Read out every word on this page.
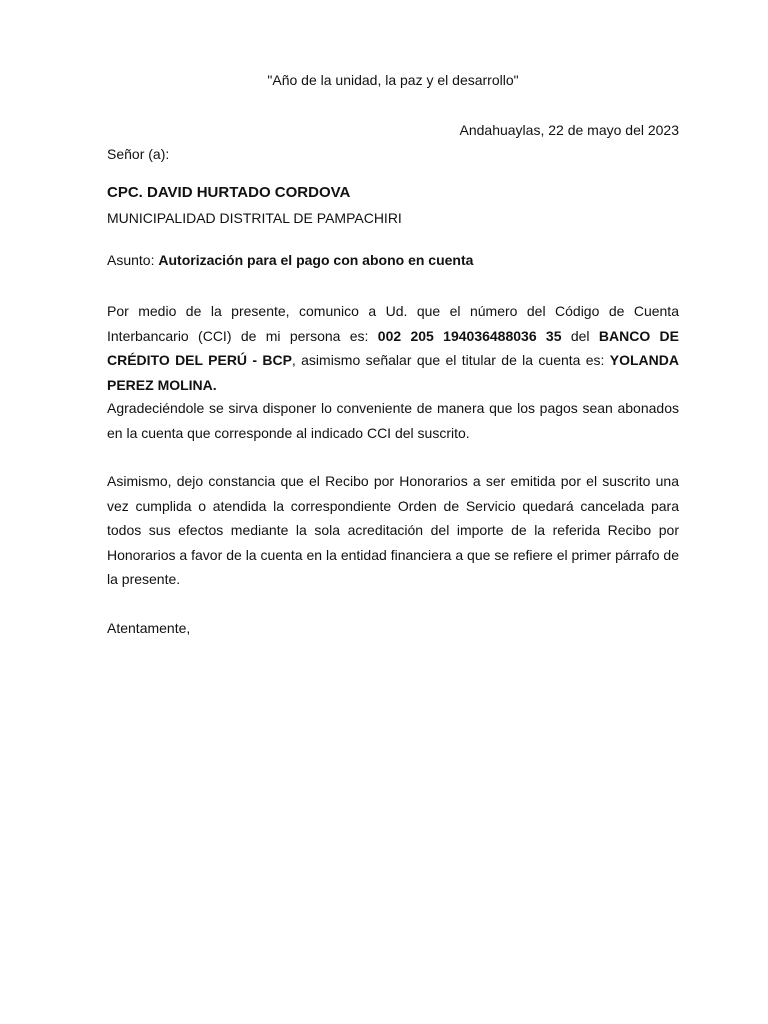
"Año de la unidad, la paz y el desarrollo"
Andahuaylas, 22 de mayo del 2023
Señor (a):
CPC. DAVID HURTADO CORDOVA
MUNICIPALIDAD DISTRITAL DE PAMPACHIRI
Asunto: Autorización para el pago con abono en cuenta
Por medio de la presente, comunico a Ud. que el número del Código de Cuenta Interbancario (CCI) de mi persona es: 002 205 194036488036 35 del BANCO DE CRÉDITO DEL PERÚ - BCP, asimismo señalar que el titular de la cuenta es: YOLANDA PEREZ MOLINA.
Agradeciéndole se sirva disponer lo conveniente de manera que los pagos sean abonados en la cuenta que corresponde al indicado CCI del suscrito.
Asimismo, dejo constancia que el Recibo por Honorarios a ser emitida por el suscrito una vez cumplida o atendida la correspondiente Orden de Servicio quedará cancelada para todos sus efectos mediante la sola acreditación del importe de la referida Recibo por Honorarios a favor de la cuenta en la entidad financiera a que se refiere el primer párrafo de la presente.
Atentamente,
